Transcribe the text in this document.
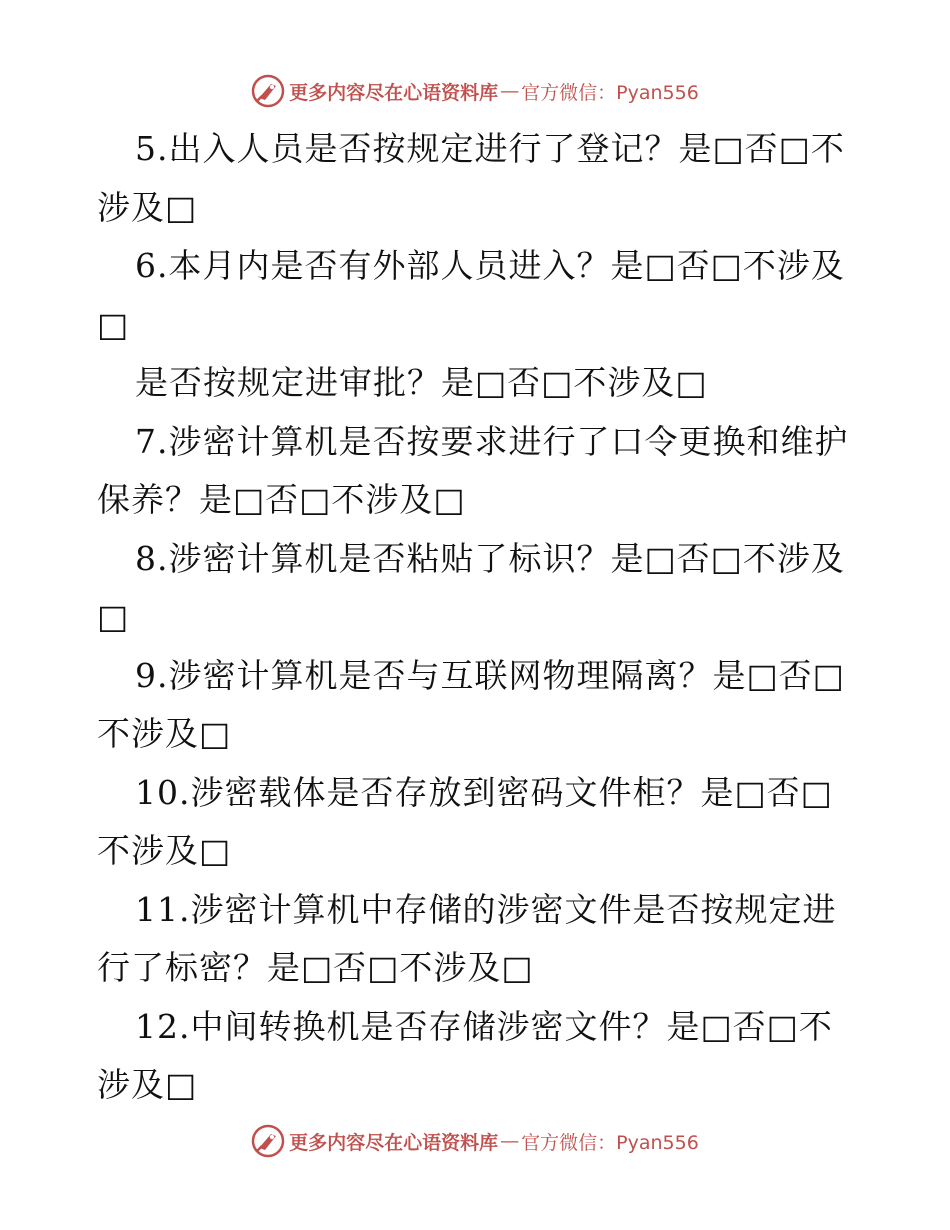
更多内容尽在心语资料库 — 官方微信：Pyan556
5.出入人员是否按规定进行了登记？是□否□不
涉及□
6.本月内是否有外部人员进入？是□否□不涉及
□
是否按规定进审批？是□否□不涉及□
7.涉密计算机是否按要求进行了口令更换和维护
保养？是□否□不涉及□
8.涉密计算机是否粘贴了标识？是□否□不涉及
□
9.涉密计算机是否与互联网物理隔离？是□否□
不涉及□
10.涉密载体是否存放到密码文件柜？是□否□
不涉及□
11.涉密计算机中存储的涉密文件是否按规定进
行了标密？是□否□不涉及□
12.中间转换机是否存储涉密文件？是□否□不
涉及□
更多内容尽在心语资料库 — 官方微信：Pyan556
